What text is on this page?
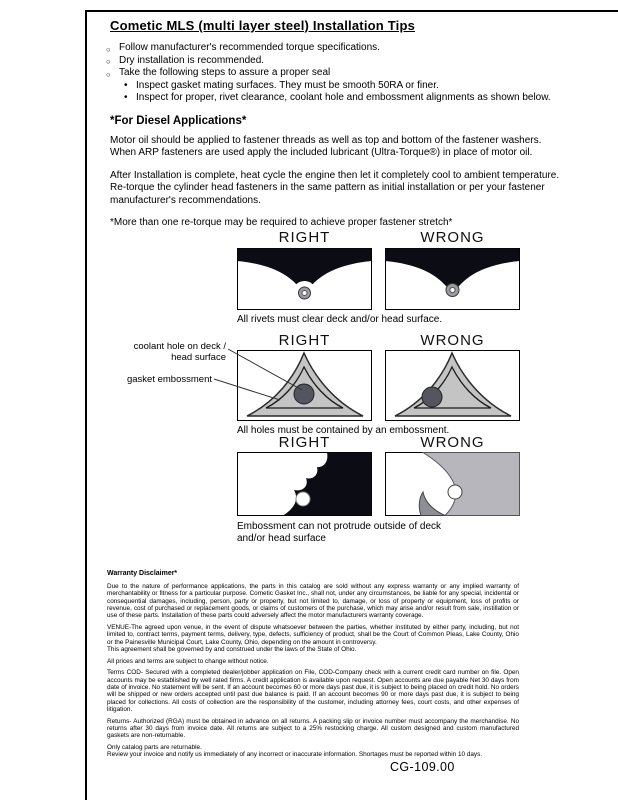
Cometic MLS (multi layer steel) Installation Tips
○ Follow manufacturer's recommended torque specifications.
○ Dry installation is recommended.
○ Take the following steps to assure a proper seal
• Inspect gasket mating surfaces. They must be smooth 50RA or finer.
• Inspect for proper, rivet clearance, coolant hole and embossment alignments as shown below.
*For Diesel Applications*

Motor oil should be applied to fastener threads as well as top and bottom of the fastener washers. When ARP fasteners are used apply the included lubricant (Ultra-Torque®) in place of motor oil.

After Installation is complete, heat cycle the engine then let it completely cool to ambient temperature. Re-torque the cylinder head fasteners in the same pattern as initial installation or per your fastener manufacturer's recommendations.

*More than one re-torque may be required to achieve proper fastener stretch*

RIGHT	WRONG
All rivets must clear deck and/or head surface.
RIGHT	WRONG
coolant hole on deck / head surface
gasket embossment
All holes must be contained by an embossment.
RIGHT	WRONG
Embossment can not protrude outside of deck and/or head surface
Warranty Disclaimer*

Due to the nature of performance applications, the parts in this catalog are sold without any express warranty or any implied warranty of merchantability or fitness for a particular purpose. Cometic Gasket Inc., shall not, under any circumstances, be liable for any special, incidental or consequential damages, including, person, party or property, but not limited to, damage, or loss of property or equipment, loss of profits or revenue, cost of purchased or replacement goods, or claims of customers of the purchase, which may arise and/or result from sale, instillation or use of these parts. Installation of these parts could adversely affect the motor manufacturers warranty coverage.

VENUE-The agreed upon venue, in the event of dispute whatsoever between the parties, whether instituted by either party, including, but not limited to, contract terms, payment terms, delivery, type, defects, sufficiency of product, shall be the Court of Common Pleas, Lake County, Ohio or the Painesville Municipal Court, Lake County, Ohio, depending on the amount in controversy.

This agreement shall be governed by and construed under the laws of the State of Ohio.

All prices and terms are subject to change without notice.

Terms COD- Secured with a completed dealer/jobber application on File, COD-Company check with a current credit card number on file. Open accounts may be established by well rated firms. A credit application is available upon request. Open accounts are due payable Net 30 days from date of invoice. No statement will be sent. If an account becomes 60 or more days past due, it is subject to being placed on credit hold. No orders will be shipped or new orders accepted until past due balance is paid. If an account becomes 90 or more days past due, it is subject to being placed for collections. All costs of collection are the responsibility of the customer, including attorney fees, court costs, and other expenses of litigation.

Returns- Authorized (RGA) must be obtained in advance on all returns. A packing slip or invoice number must accompany the merchandise. No returns after 30 days from invoice date. All returns are subject to a 25% restocking charge. All custom designed and custom manufactured gaskets are non-returnable.

Only catalog parts are returnable.

Review your invoice and notify us immediately of any incorrect or inaccurate information. Shortages must be reported within 10 days.

CG-109.00
